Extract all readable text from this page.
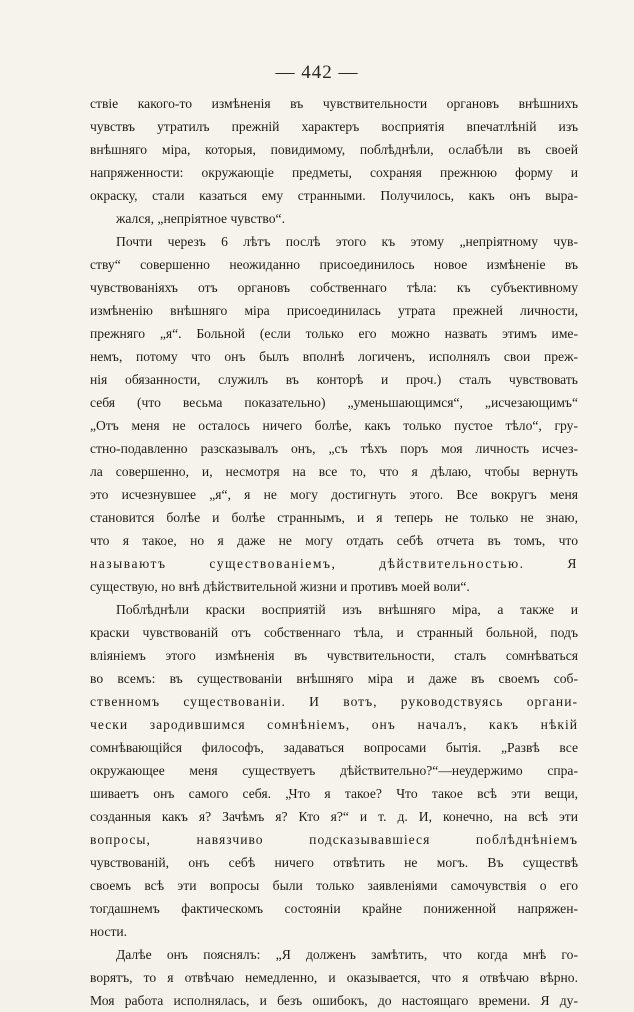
— 442 —
ствіе какого-то измѣненія въ чувствительности органовъ внѣшнихъ
чувствъ утратилъ прежній характеръ восприятія впечатлѣній изъ
внѣшняго міра, которыя, повидимому, поблѣднѣли, ослабѣли въ своей
напряженности: окружающіе предметы, сохраняя прежнюю форму и
окраску, стали казаться ему странными. Получилось, какъ онъ выра-
жался, „непріятное чувство“.
Почти черезъ 6 лѣтъ послѣ этого къ этому „непріятному чув-
ству“ совершенно неожиданно присоединилось новое измѣненіе въ
чувствованіяхъ отъ органовъ собственнаго тѣла: къ субъективному
измѣненію внѣшняго міра присоединилась утрата прежней личности,
прежняго „я“. Больной (если только его можно назвать этимъ име-
немъ, потому что онъ былъ вполнѣ логиченъ, исполнялъ свои преж-
нія обязанности, служилъ въ конторѣ и проч.) сталъ чувствовать
себя (что весьма показательно) „уменьшающимся“, „исчезающимъ“
„Отъ меня не осталось ничего болѣе, какъ только пустое тѣло“, гру-
стно-подавленно разсказывалъ онъ, „съ тѣхъ поръ моя личность исчез-
ла совершенно, и, несмотря на все то, что я дѣлаю, чтобы вернуть
это исчезнувшее „я“, я не могу достигнуть этого. Все вокругъ меня
становится болѣе и болѣе страннымъ, и я теперь не только не знаю,
что я такое, но я даже не могу отдать себѣ отчета въ томъ, что
называютъ существованіемъ, дѣйствительностью. Я
существую, но внѣ дѣйствительной жизни и противъ моей воли“.
Поблѣднѣли краски восприятій изъ внѣшняго міра, а также и
краски чувствованій отъ собственнаго тѣла, и странный больной, подъ
вліяніемъ этого измѣненія въ чувствительности, сталъ сомнѣваться
во всемъ: въ существованіи внѣшняго міра и даже въ своемъ соб-
ственномъ существованіи. И вотъ, руководствуясь органи-
чески зародившимся сомнѣніемъ, онъ началъ, какъ нѣкій
сомнѣвающійся философъ, задаваться вопросами бытія. „Развѣ все
окружающее меня существуетъ дѣйствительно?“—неудержимо спра-
шиваетъ онъ самого себя. „Что я такое? Что такое всѣ эти вещи,
созданныя какъ я? Зачѣмъ я? Кто я?“ и т. д. И, конечно, на всѣ эти
вопросы, навязчиво подсказывавшіеся поблѣднѣніемъ
чувствованій, онъ себѣ ничего отвѣтить не могъ. Въ существѣ
своемъ всѣ эти вопросы были только заявленіями самочувствія о его
тогдашнемъ фактическомъ состояніи крайне пониженной напряжен-
ности.
Далѣе онъ пояснялъ: „Я долженъ замѣтить, что когда мнѣ го-
ворятъ, то я отвѣчаю немедленно, и оказывается, что я отвѣчаю вѣрно.
Моя работа исполнялась, и безъ ошибокъ, до настоящаго времени. Я ду-
